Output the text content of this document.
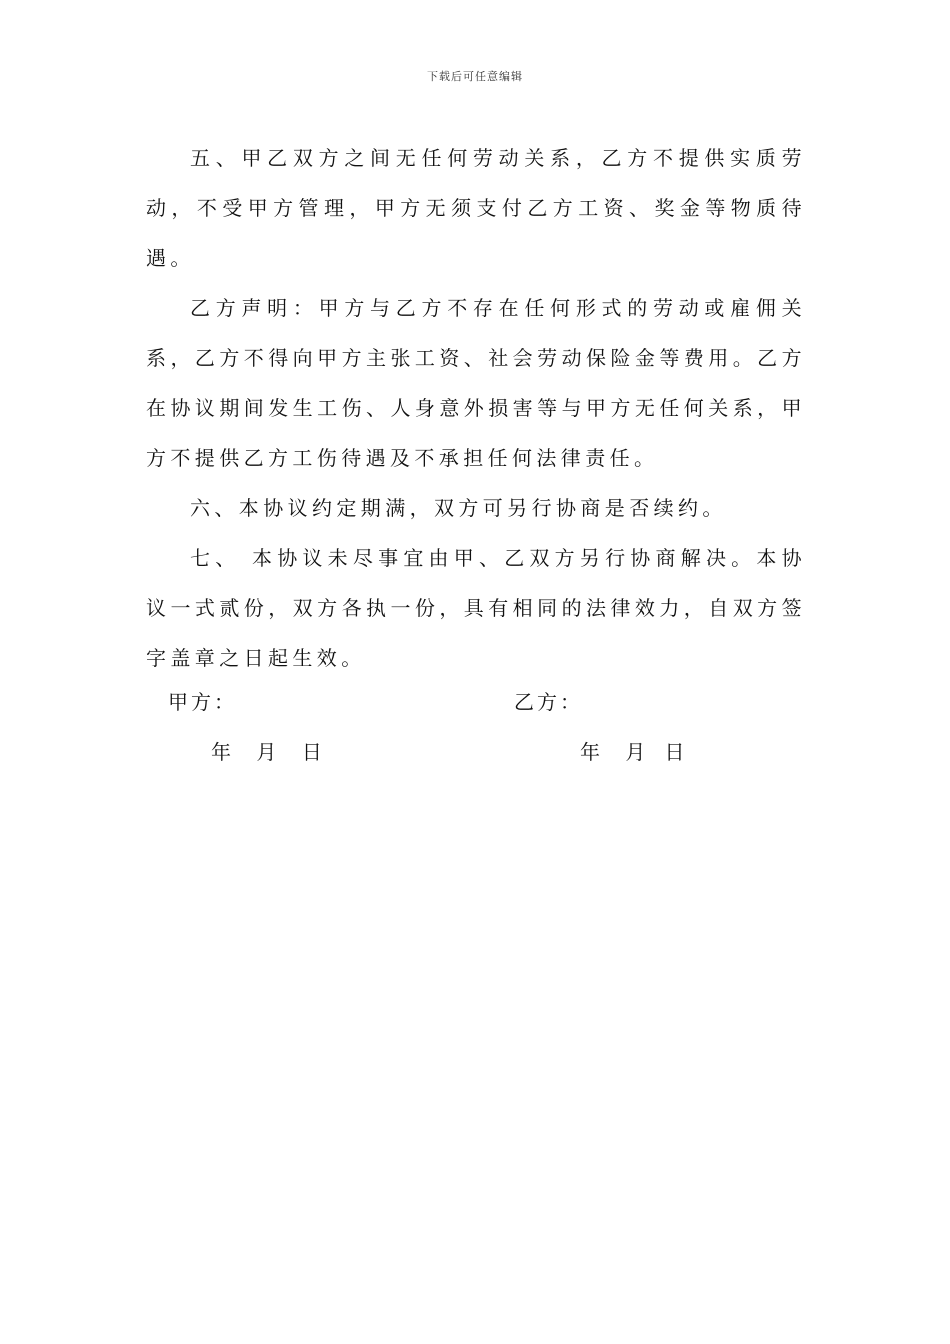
下载后可任意编辑

五、甲乙双方之间无任何劳动关系，乙方不提供实质劳动，不受甲方管理，甲方无须支付乙方工资、奖金等物质待遇。

乙方声明：甲方与乙方不存在任何形式的劳动或雇佣关系，乙方不得向甲方主张工资、社会劳动保险金等费用。乙方在协议期间发生工伤、人身意外损害等与甲方无任何关系，甲方不提供乙方工伤待遇及不承担任何法律责任。

六、本协议约定期满，双方可另行协商是否续约。

七、 本协议未尽事宜由甲、乙双方另行协商解决。本协议一式贰份，双方各执一份，具有相同的法律效力，自双方签字盖章之日起生效。

甲方：	乙方：
年    月    日	年    月   日
